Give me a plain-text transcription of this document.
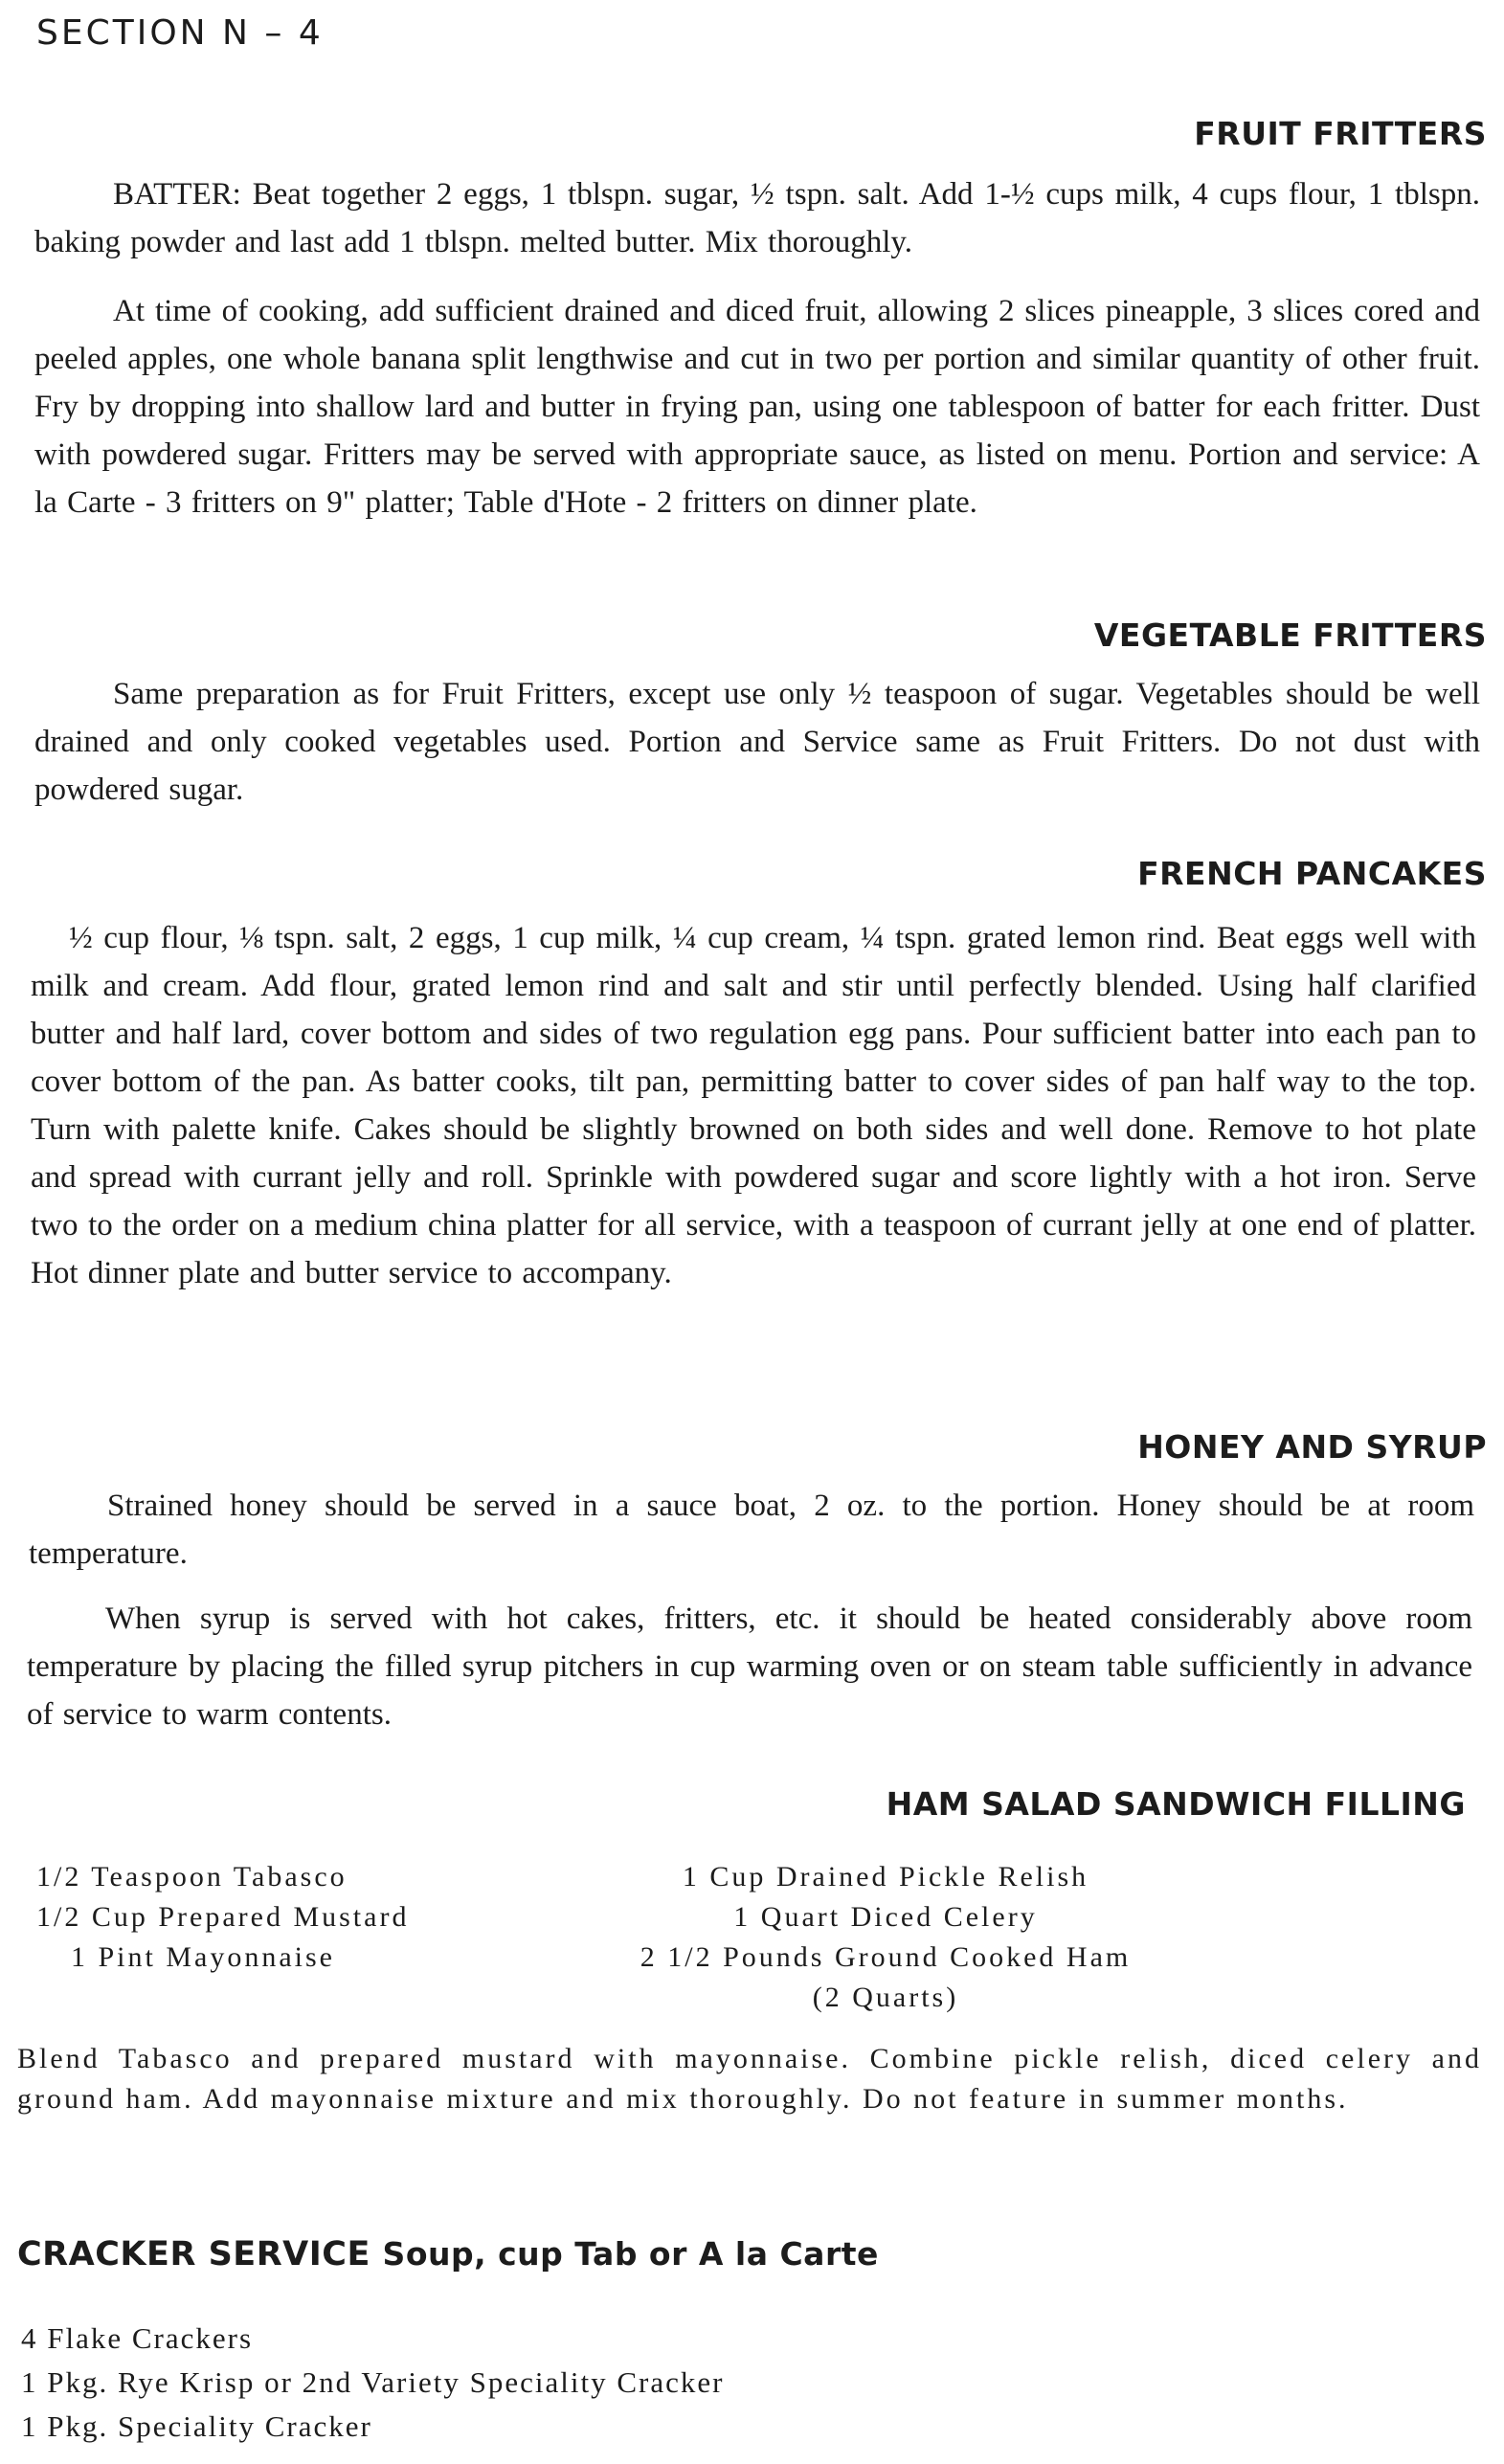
SECTION N – 4
FRUIT FRITTERS
BATTER: Beat together 2 eggs, 1 tblspn. sugar, ½ tspn. salt. Add 1-½ cups milk, 4 cups flour, 1 tblspn. baking powder and last add 1 tblspn. melted butter. Mix thoroughly.
At time of cooking, add sufficient drained and diced fruit, allowing 2 slices pineapple, 3 slices cored and peeled apples, one whole banana split lengthwise and cut in two per portion and similar quantity of other fruit. Fry by dropping into shallow lard and butter in frying pan, using one tablespoon of batter for each fritter. Dust with powdered sugar. Fritters may be served with appropriate sauce, as listed on menu. Portion and service: A la Carte - 3 fritters on 9" platter; Table d'Hote - 2 fritters on dinner plate.
VEGETABLE FRITTERS
Same preparation as for Fruit Fritters, except use only ½ teaspoon of sugar. Vegetables should be well drained and only cooked vegetables used. Portion and Service same as Fruit Fritters. Do not dust with powdered sugar.
FRENCH PANCAKES
½ cup flour, ⅛ tspn. salt, 2 eggs, 1 cup milk, ¼ cup cream, ¼ tspn. grated lemon rind. Beat eggs well with milk and cream. Add flour, grated lemon rind and salt and stir until perfectly blended. Using half clarified butter and half lard, cover bottom and sides of two regulation egg pans. Pour sufficient batter into each pan to cover bottom of the pan. As batter cooks, tilt pan, permitting batter to cover sides of pan half way to the top. Turn with palette knife. Cakes should be slightly browned on both sides and well done. Remove to hot plate and spread with currant jelly and roll. Sprinkle with powdered sugar and score lightly with a hot iron. Serve two to the order on a medium china platter for all service, with a teaspoon of currant jelly at one end of platter. Hot dinner plate and butter service to accompany.
HONEY AND SYRUP
Strained honey should be served in a sauce boat, 2 oz. to the portion. Honey should be at room temperature.
When syrup is served with hot cakes, fritters, etc. it should be heated considerably above room temperature by placing the filled syrup pitchers in cup warming oven or on steam table sufficiently in advance of service to warm contents.
HAM SALAD SANDWICH FILLING
1/2 Teaspoon Tabasco
1/2 Cup Prepared Mustard
1 Pint Mayonnaise
1 Cup Drained Pickle Relish
1 Quart Diced Celery
2 1/2 Pounds Ground Cooked Ham
(2 Quarts)
Blend Tabasco and prepared mustard with mayonnaise. Combine pickle relish, diced celery and ground ham. Add mayonnaise mixture and mix thoroughly. Do not feature in summer months.
CRACKER SERVICE Soup, cup Tab or A la Carte
4 Flake Crackers
1 Pkg. Rye Krisp or 2nd Variety Speciality Cracker
1 Pkg. Speciality Cracker
